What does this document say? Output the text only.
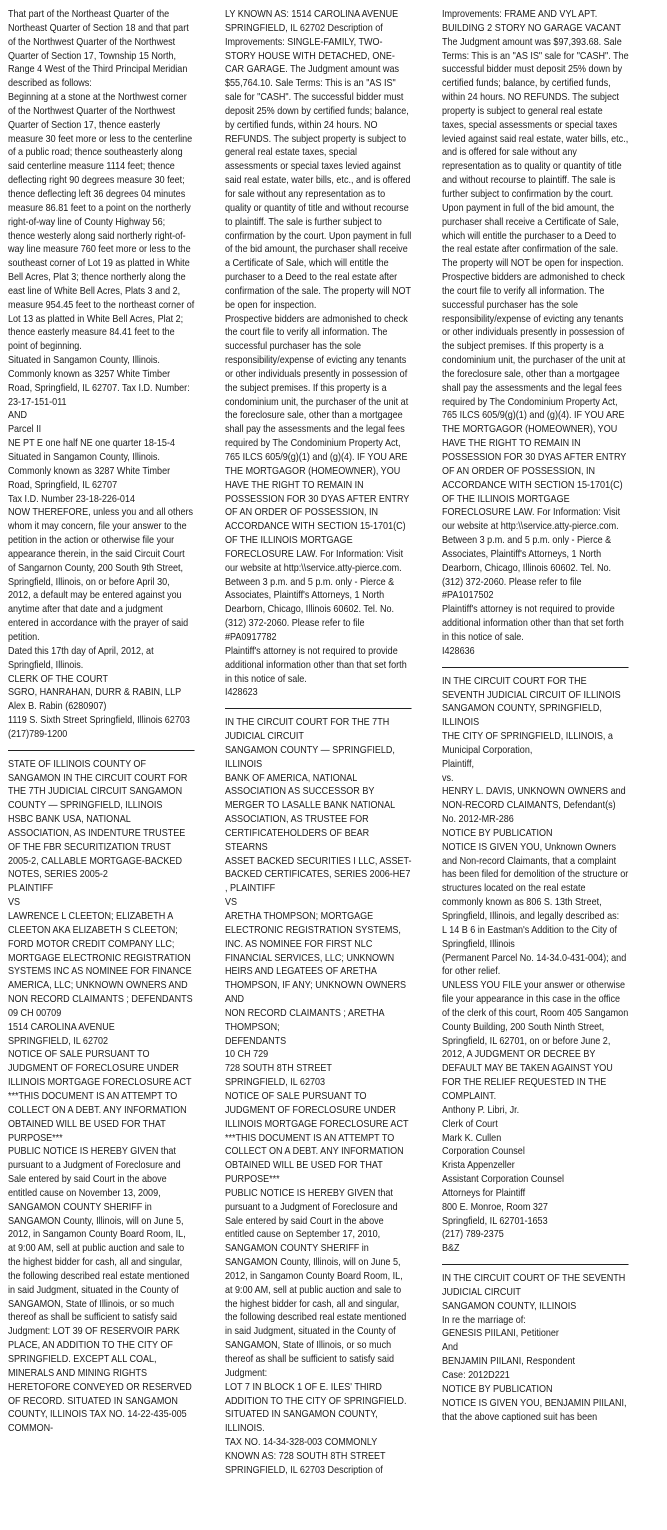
That part of the Northeast Quarter of the Northeast Quarter of Section 18 and that part of the Northwest Quarter of the Northwest Quarter of Section 17, Township 15 North, Range 4 West of the Third Principal Meridian described as follows:
Beginning at a stone at the Northwest corner of the Northwest Quarter of the Northwest Quarter of Section 17, thence easterly measure 30 feet more or less to the centerline of a public road; thence southeasterly along said centerline measure 1114 feet; thence deflecting right 90 degrees measure 30 feet; thence deflecting left 36 degrees 04 minutes measure 86.81 feet to a point on the northerly right-of-way line of County Highway 56; thence westerly along said northerly right-of-way line measure 760 feet more or less to the southeast corner of Lot 19 as platted in White Bell Acres, Plat 3; thence northerly along the east line of White Bell Acres, Plats 3 and 2, measure 954.45 feet to the northeast corner of Lot 13 as platted in White Bell Acres, Plat 2; thence easterly measure 84.41 feet to the point of beginning.
Situated in Sangamon County, Illinois.
Commonly known as 3257 White Timber Road, Springfield, IL 62707. Tax I.D. Number: 23-17-151-011
AND
Parcel II
NE PT E one half NE one quarter 18-15-4
Situated in Sangamon County, Illinois.
Commonly known as 3287 White Timber Road, Springfield, IL 62707
Tax I.D. Number 23-18-226-014
NOW THEREFORE, unless you and all others whom it may concern, file your answer to the petition in the action or otherwise file your appearance therein, in the said Circuit Court of Sangarnon County, 200 South 9th Street, Springfield, Illinois, on or before April 30, 2012, a default may be entered against you anytime after that date and a judgment entered in accordance with the prayer of said petition.
Dated this 17th day of April, 2012, at Springfield, Illinois.
CLERK OF THE COURT
SGRO, HANRAHAN, DURR & RABIN, LLP
Alex B. Rabin (6280907)
1119 S. Sixth Street Springfield, Illinois 62703 (217)789-1200

STATE OF ILLINOIS COUNTY OF SANGAMON IN THE CIRCUIT COURT FOR THE 7TH JUDICIAL CIRCUIT SANGAMON COUNTY — SPRINGFIELD, ILLINOIS
HSBC BANK USA, NATIONAL ASSOCIATION, AS INDENTURE TRUSTEE OF THE FBR SECURITIZATION TRUST 2005-2, CALLABLE MORTGAGE-BACKED NOTES, SERIES 2005-2
PLAINTIFF
VS
LAWRENCE L CLEETON; ELIZABETH A CLEETON AKA ELIZABETH S CLEETON; FORD MOTOR CREDIT COMPANY LLC; MORTGAGE ELECTRONIC REGISTRATION SYSTEMS INC AS NOMINEE FOR FINANCE AMERICA, LLC; UNKNOWN OWNERS AND NON RECORD CLAIMANTS ; DEFENDANTS
09 CH 00709
1514 CAROLINA AVENUE
SPRINGFIELD, IL 62702
NOTICE OF SALE PURSUANT TO JUDGMENT OF FORECLOSURE UNDER ILLINOIS MORTGAGE FORECLOSURE ACT ***THIS DOCUMENT IS AN ATTEMPT TO COLLECT ON A DEBT. ANY INFORMATION OBTAINED WILL BE USED FOR THAT PURPOSE***
PUBLIC NOTICE IS HEREBY GIVEN that pursuant to a Judgment of Foreclosure and Sale entered by said Court in the above entitled cause on November 13, 2009, SANGAMON COUNTY SHERIFF in SANGAMON County, Illinois, will on June 5, 2012, in Sangamon County Board Room, IL, at 9:00 AM, sell at public auction and sale to the highest bidder for cash, all and singular, the following described real estate mentioned in said Judgment, situated in the County of SANGAMON, State of Illinois, or so much thereof as shall be sufficient to satisfy said Judgment: LOT 39 OF RESERVOIR PARK PLACE, AN ADDITION TO THE CITY OF SPRINGFIELD. EXCEPT ALL COAL, MINERALS AND MINING RIGHTS HERETOFORE CONVEYED OR RESERVED OF RECORD. SITUATED IN SANGAMON COUNTY, ILLINOIS TAX NO. 14-22-435-005 COMMON-

LY KNOWN AS: 1514 CAROLINA AVENUE SPRINGFIELD, IL 62702 Description of Improvements: SINGLE-FAMILY, TWO-STORY HOUSE WITH DETACHED, ONE-CAR GARAGE. The Judgment amount was $55,764.10. Sale Terms: This is an "AS IS" sale for "CASH". The successful bidder must deposit 25% down by certified funds; balance, by certified funds, within 24 hours. NO REFUNDS. The subject property is subject to general real estate taxes, special assessments or special taxes levied against said real estate, water bills, etc., and is offered for sale without any representation as to quality or quantity of title and without recourse to plaintiff. The sale is further subject to confirmation by the court. Upon payment in full of the bid amount, the purchaser shall receive a Certificate of Sale, which will entitle the purchaser to a Deed to the real estate after confirmation of the sale. The property will NOT be open for inspection.
Prospective bidders are admonished to check the court file to verify all information. The successful purchaser has the sole responsibility/expense of evicting any tenants or other individuals presently in possession of the subject premises. If this property is a condominium unit, the purchaser of the unit at the foreclosure sale, other than a mortgagee shall pay the assessments and the legal fees required by The Condominium Property Act, 765 ILCS 605/9(g)(1) and (g)(4). IF YOU ARE THE MORTGAGOR (HOMEOWNER), YOU HAVE THE RIGHT TO REMAIN IN POSSESSION FOR 30 DYAS AFTER ENTRY OF AN ORDER OF POSSESSION, IN ACCORDANCE WITH SECTION 15-1701(C) OF THE ILLINOIS MORTGAGE FORECLOSURE LAW. For Information: Visit our website at http:\\service.atty-pierce.com. Between 3 p.m. and 5 p.m. only - Pierce & Associates, Plaintiff's Attorneys, 1 North Dearborn, Chicago, Illinois 60602. Tel. No. (312) 372-2060. Please refer to file #PA0917782
Plaintiff's attorney is not required to provide additional information other than that set forth in this notice of sale.
I428623

IN THE CIRCUIT COURT FOR THE 7TH JUDICIAL CIRCUIT
SANGAMON COUNTY — SPRINGFIELD, ILLINOIS
BANK OF AMERICA, NATIONAL ASSOCIATION AS SUCCESSOR BY MERGER TO LASALLE BANK NATIONAL ASSOCIATION, AS TRUSTEE FOR CERTIFICATEHOLDERS OF BEAR STEARNS
ASSET BACKED SECURITIES I LLC, ASSET-BACKED CERTIFICATES, SERIES 2006-HE7
, PLAINTIFF
VS
ARETHA THOMPSON; MORTGAGE ELECTRONIC REGISTRATION SYSTEMS, INC. AS NOMINEE FOR FIRST NLC FINANCIAL SERVICES, LLC; UNKNOWN HEIRS AND LEGATEES OF ARETHA THOMPSON, IF ANY; UNKNOWN OWNERS AND
NON RECORD CLAIMANTS ; ARETHA THOMPSON;
DEFENDANTS
10 CH 729
728 SOUTH 8TH STREET
SPRINGFIELD, IL 62703
NOTICE OF SALE PURSUANT TO JUDGMENT OF FORECLOSURE UNDER ILLINOIS MORTGAGE FORECLOSURE ACT ***THIS DOCUMENT IS AN ATTEMPT TO COLLECT ON A DEBT. ANY INFORMATION OBTAINED WILL BE USED FOR THAT PURPOSE***
PUBLIC NOTICE IS HEREBY GIVEN that pursuant to a Judgment of Foreclosure and Sale entered by said Court in the above entitled cause on September 17, 2010, SANGAMON COUNTY SHERIFF in SANGAMON County, Illinois, will on June 5, 2012, in Sangamon County Board Room, IL, at 9:00 AM, sell at public auction and sale to the highest bidder for cash, all and singular, the following described real estate mentioned in said Judgment, situated in the County of SANGAMON, State of Illinois, or so much thereof as shall be sufficient to satisfy said Judgment:
LOT 7 IN BLOCK 1 OF E. ILES' THIRD ADDITION TO THE CITY OF SPRINGFIELD. SITUATED IN SANGAMON COUNTY, ILLINOIS.
TAX NO. 14-34-328-003 COMMONLY KNOWN AS: 728 SOUTH 8TH STREET SPRINGFIELD, IL 62703 Description of

Improvements: FRAME AND VYL APT. BUILDING 2 STORY NO GARAGE VACANT The Judgment amount was $97,393.68. Sale Terms: This is an "AS IS" sale for "CASH". The successful bidder must deposit 25% down by certified funds; balance, by certified funds, within 24 hours. NO REFUNDS. The subject property is subject to general real estate taxes, special assessments or special taxes levied against said real estate, water bills, etc., and is offered for sale without any representation as to quality or quantity of title and without recourse to plaintiff. The sale is further subject to confirmation by the court. Upon payment in full of the bid amount, the purchaser shall receive a Certificate of Sale, which will entitle the purchaser to a Deed to the real estate after confirmation of the sale. The property will NOT be open for inspection.
Prospective bidders are admonished to check the court file to verify all information. The successful purchaser has the sole responsibility/expense of evicting any tenants or other individuals presently in possession of the subject premises. If this property is a condominium unit, the purchaser of the unit at the foreclosure sale, other than a mortgagee shall pay the assessments and the legal fees required by The Condominium Property Act, 765 ILCS 605/9(g)(1) and (g)(4). IF YOU ARE THE MORTGAGOR (HOMEOWNER), YOU HAVE THE RIGHT TO REMAIN IN POSSESSION FOR 30 DYAS AFTER ENTRY OF AN ORDER OF POSSESSION, IN ACCORDANCE WITH SECTION 15-1701(C) OF THE ILLINOIS MORTGAGE FORECLOSURE LAW. For Information: Visit our website at http:\\service.atty-pierce.com. Between 3 p.m. and 5 p.m. only - Pierce & Associates, Plaintiff's Attorneys, 1 North Dearborn, Chicago, Illinois 60602. Tel. No. (312) 372-2060. Please refer to file #PA1017502
Plaintiff's attorney is not required to provide additional information other than that set forth in this notice of sale.
I428636

IN THE CIRCUIT COURT FOR THE SEVENTH JUDICIAL CIRCUIT OF ILLINOIS
SANGAMON COUNTY, SPRINGFIELD, ILLINOIS
THE CITY OF SPRINGFIELD, ILLINOIS, a Municipal Corporation,
Plaintiff,
vs.
HENRY L. DAVIS, UNKNOWN OWNERS and NON-RECORD CLAIMANTS, Defendant(s)
No. 2012-MR-286
NOTICE BY PUBLICATION
NOTICE IS GIVEN YOU, Unknown Owners and Non-record Claimants, that a complaint has been filed for demolition of the structure or structures located on the real estate commonly known as 806 S. 13th Street, Springfield, Illinois, and legally described as:
L 14 B 6 in Eastman's Addition to the City of Springfield, Illinois
(Permanent Parcel No. 14-34.0-431-004); and for other relief.
UNLESS YOU FILE your answer or otherwise file your appearance in this case in the office of the clerk of this court, Room 405 Sangamon County Building, 200 South Ninth Street, Springfield, IL 62701, on or before June 2, 2012, A JUDGMENT OR DECREE BY DEFAULT MAY BE TAKEN AGAINST YOU FOR THE RELIEF REQUESTED IN THE COMPLAINT.
Anthony P. Libri, Jr.
Clerk of Court
Mark K. Cullen
Corporation Counsel
Krista Appenzeller
Assistant Corporation Counsel
Attorneys for Plaintiff
800 E. Monroe, Room 327
Springfield, IL 62701-1653
(217) 789-2375
B&Z

IN THE CIRCUIT COURT OF THE SEVENTH JUDICIAL CIRCUIT
SANGAMON COUNTY, ILLINOIS
In re the marriage of:
GENESIS PIILANI, Petitioner
And
BENJAMIN PIILANI, Respondent
Case: 2012D221
NOTICE BY PUBLICATION
NOTICE IS GIVEN YOU, BENJAMIN PIILANI, that the above captioned suit has been
